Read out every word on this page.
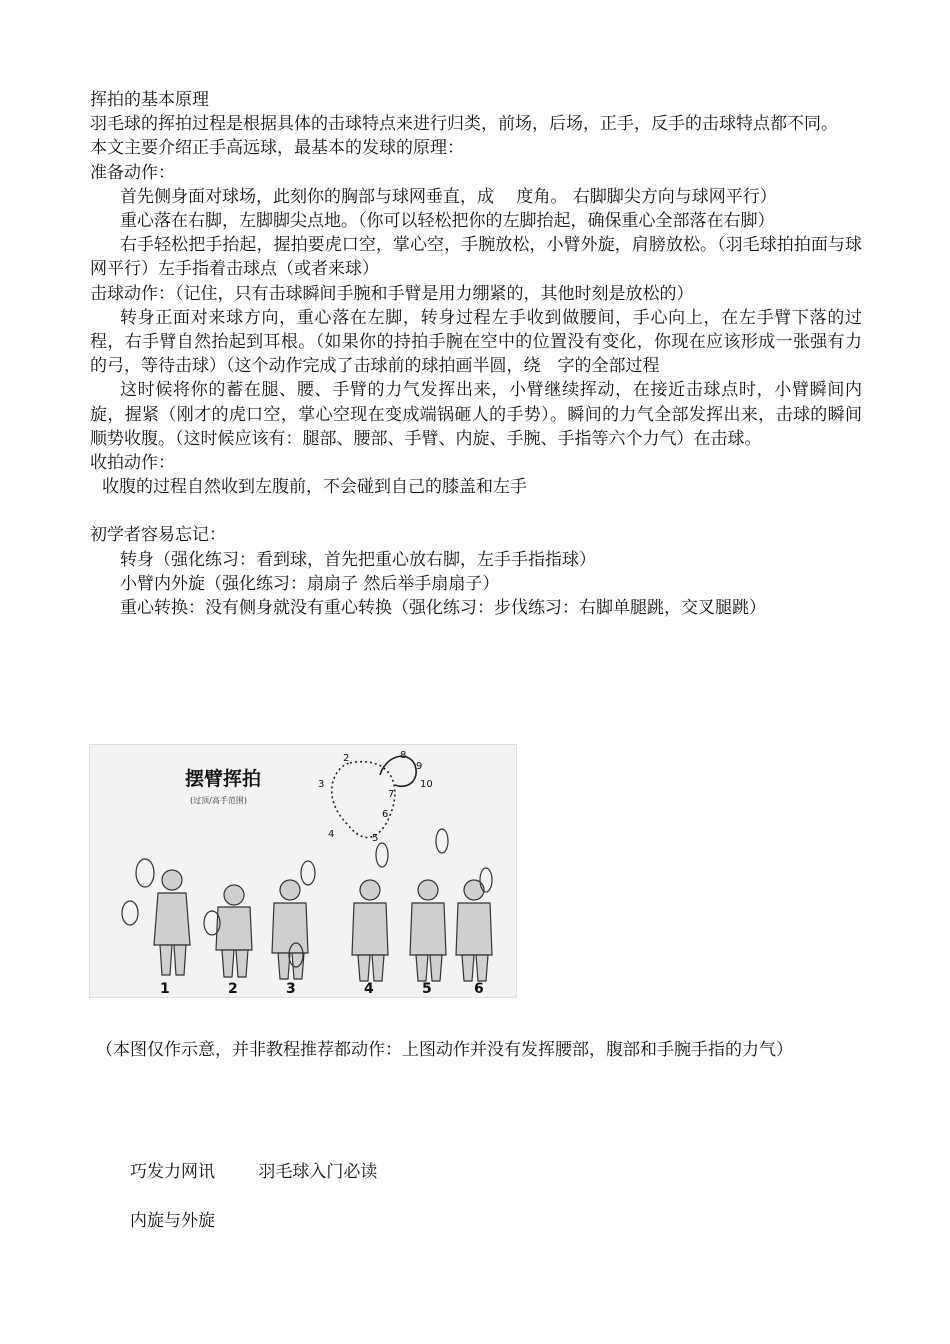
挥拍的基本原理

羽毛球的挥拍过程是根据具体的击球特点来进行归类，前场，后场，正手，反手的击球特点都不同。

本文主要介绍正手高远球，最基本的发球的原理：
准备动作：
首先侧身面对球场，此刻你的胸部与球网垂直，成　 度角。 右脚脚尖方向与球网平行）
重心落在右脚，左脚脚尖点地。（你可以轻松把你的左脚抬起，确保重心全部落在右脚）

右手轻松把手抬起，握拍要虎口空，掌心空，手腕放松，小臂外旋，肩膀放松。（羽毛球拍拍面与球网平行）左手指着击球点（或者来球）

击球动作：（记住，只有击球瞬间手腕和手臂是用力绷紧的，其他时刻是放松的）

转身正面对来球方向，重心落在左脚，转身过程左手收到做腰间，手心向上，在左手臂下落的过程，右手臂自然抬起到耳根。（如果你的持拍手腕在空中的位置没有变化，你现在应该形成一张强有力的弓，等待击球）（这个动作完成了击球前的球拍画半圆，绕　字的全部过程

这时候将你的蓄在腿、腰、手臂的力气发挥出来，小臂继续挥动，在接近击球点时，小臂瞬间内旋，握紧（刚才的虎口空，掌心空现在变成端锅砸人的手势）。瞬间的力气全部发挥出来，击球的瞬间顺势收腹。（这时候应该有：腿部、腰部、手臂、内旋、手腕、手指等六个力气）在击球。

收拍动作：
收腹的过程自然收到左腹前，不会碰到自己的膝盖和左手
初学者容易忘记：
转身（强化练习：看到球，首先把重心放右脚，左手手指指球）
小臂内外旋（强化练习：扇扇子 然后举手扇扇子）
重心转换：没有侧身就没有重心转换（强化练习：步伐练习：右脚单腿跳，交叉腿跳）
摆臂挥拍
(过顶/高手范围)
2
3
4	5
6
7
8
9
10
1	2	3	4	5	6
（本图仅作示意，并非教程推荐都动作：上图动作并没有发挥腰部，腹部和手腕手指的力气）
巧发力网讯	羽毛球入门必读
内旋与外旋
